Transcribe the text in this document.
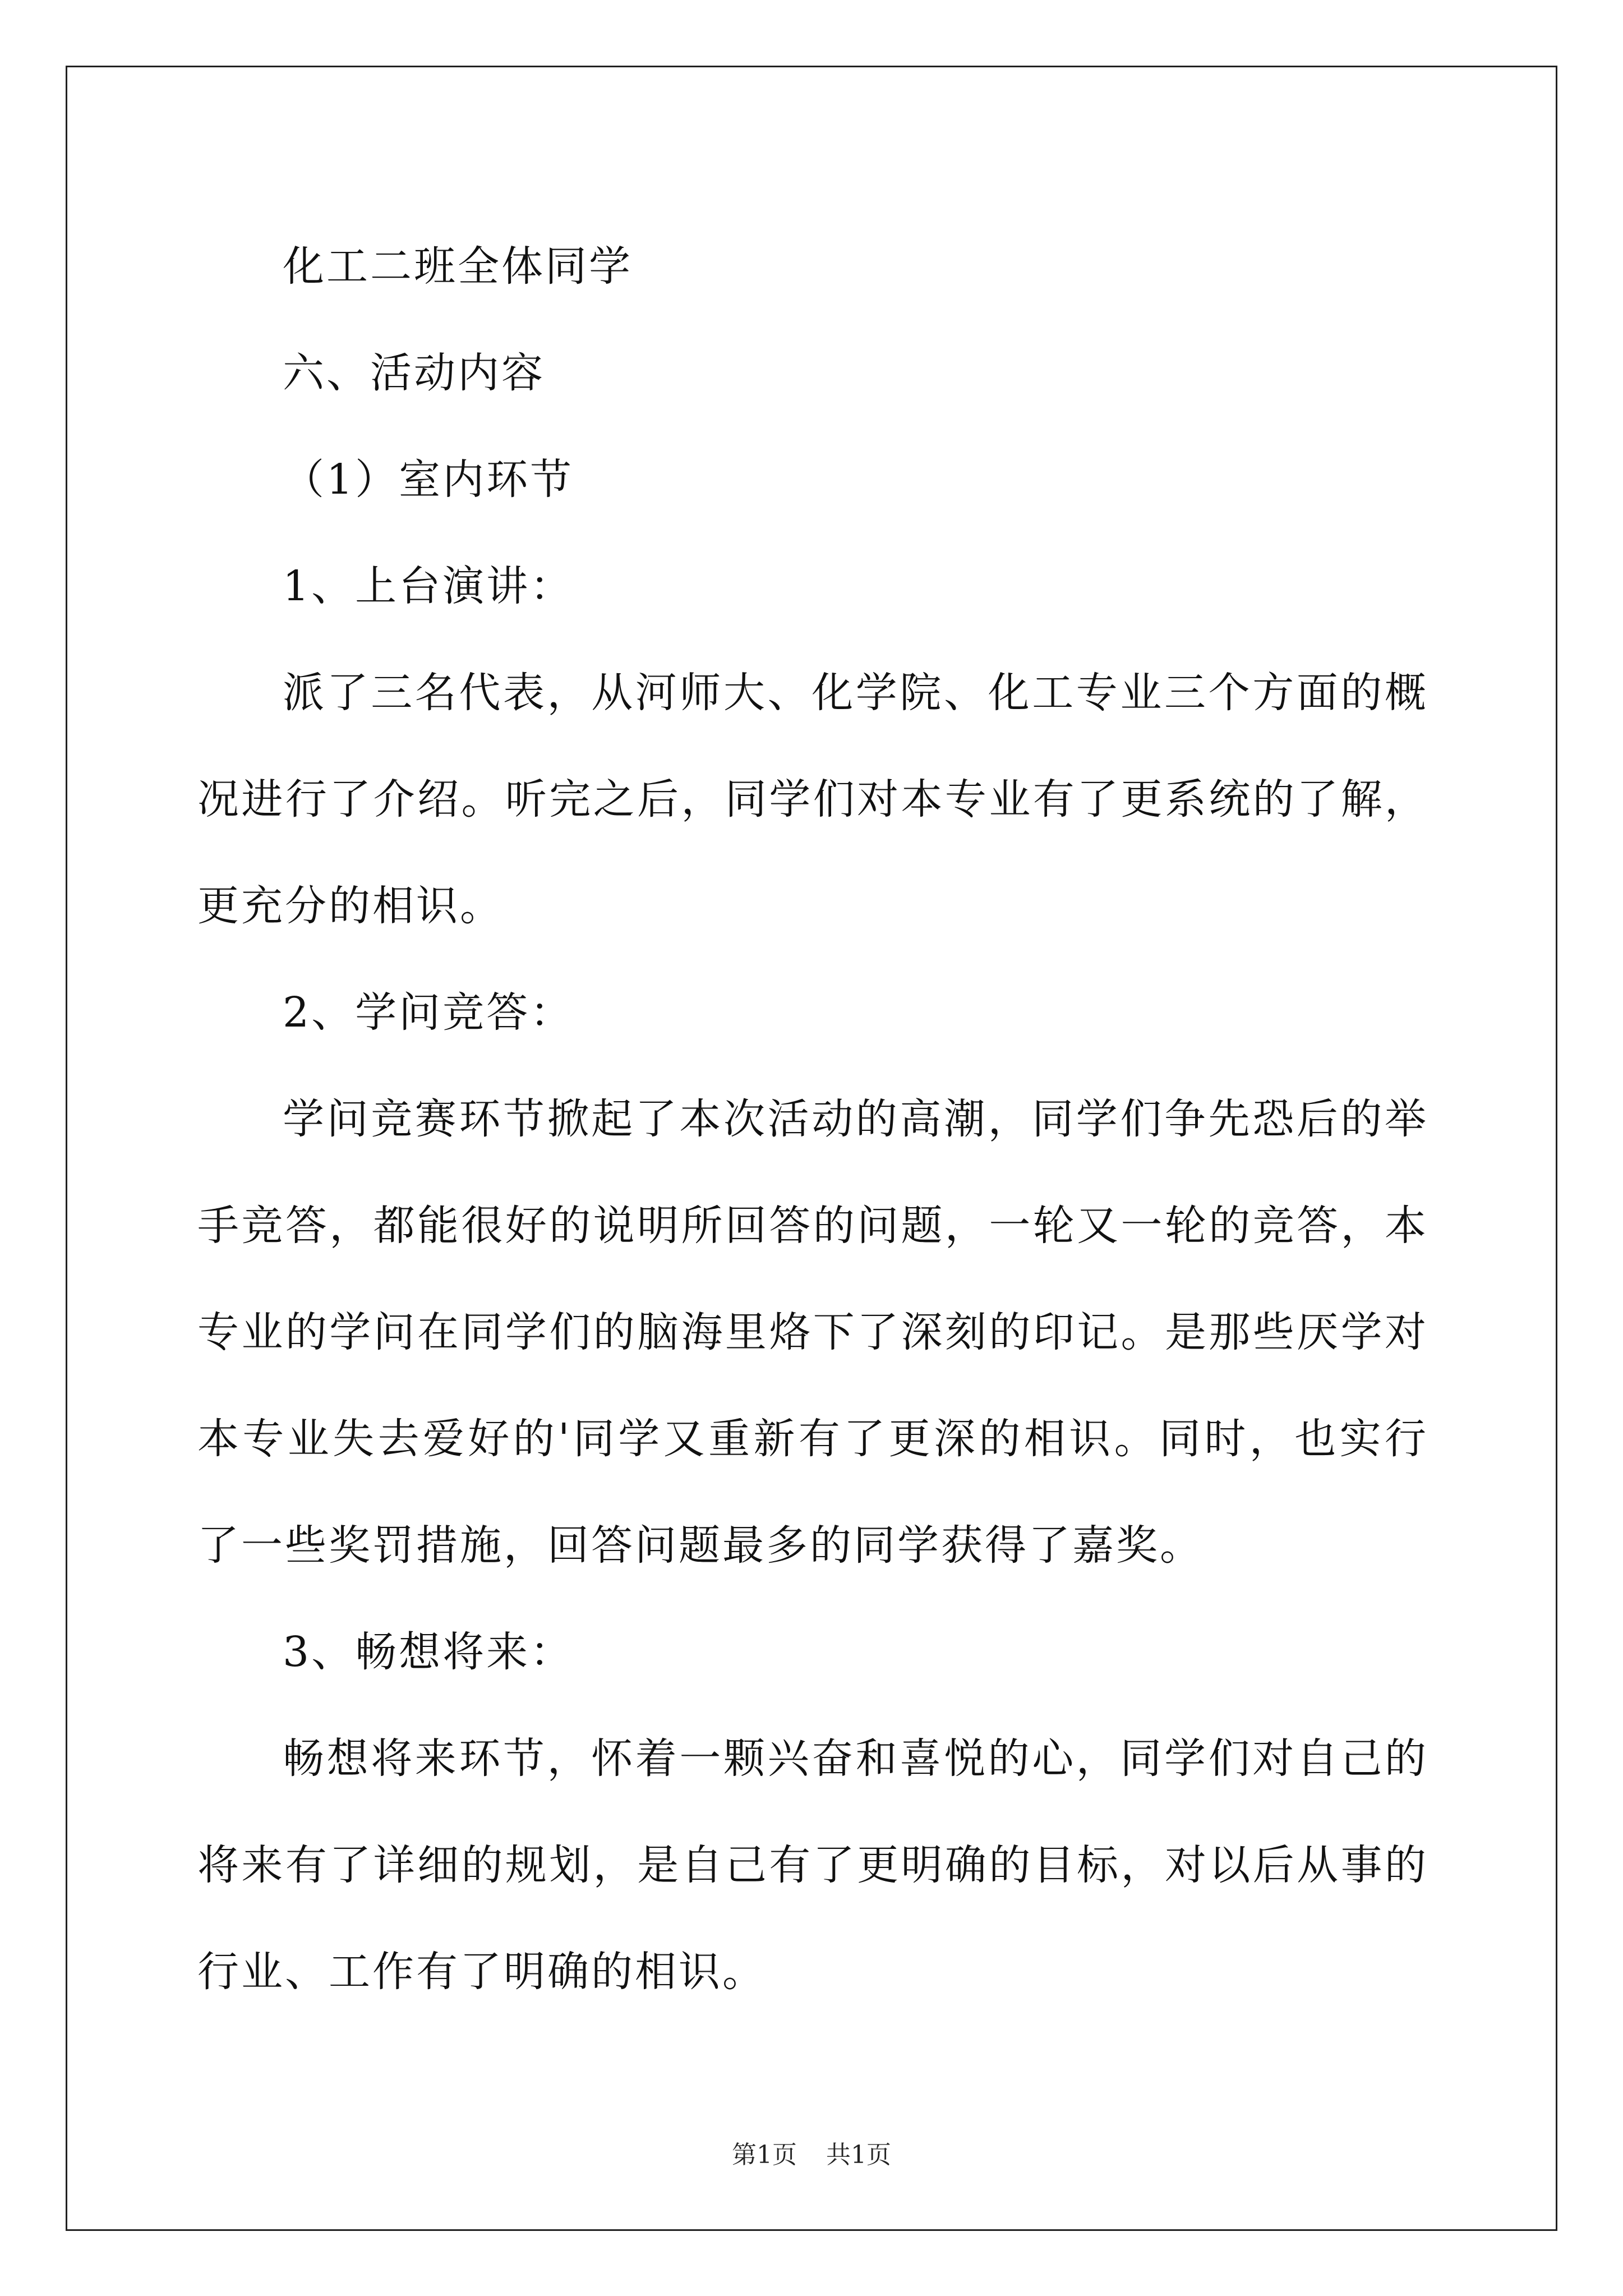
化工二班全体同学

六、活动内容

（1）室内环节

1、上台演讲：

派了三名代表，从河师大、化学院、化工专业三个方面的概况进行了介绍。听完之后，同学们对本专业有了更系统的了解，更充分的相识。

2、学问竞答：

学问竞赛环节掀起了本次活动的高潮，同学们争先恐后的举手竞答，都能很好的说明所回答的问题，一轮又一轮的竞答，本专业的学问在同学们的脑海里烙下了深刻的印记。是那些厌学对本专业失去爱好的'同学又重新有了更深的相识。同时，也实行了一些奖罚措施，回答问题最多的同学获得了嘉奖。

3、畅想将来：

畅想将来环节，怀着一颗兴奋和喜悦的心，同学们对自己的将来有了详细的规划，是自己有了更明确的目标，对以后从事的行业、工作有了明确的相识。

第1页 共1页
